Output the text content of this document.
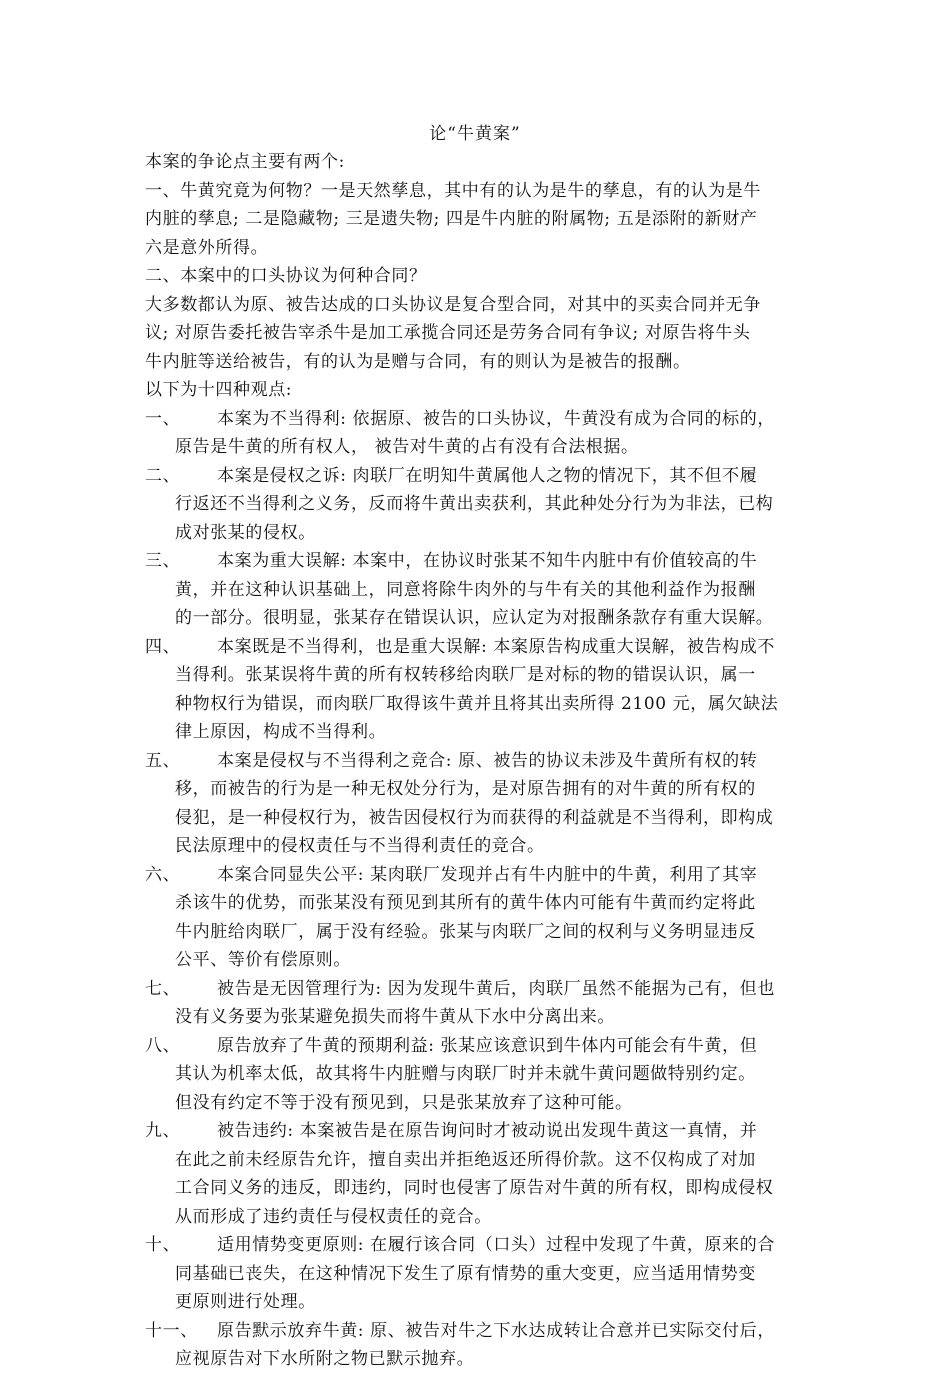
论“牛黄案”

本案的争论点主要有两个:

一、牛黄究竟为何物？一是天然孳息，其中有的认为是牛的孳息，有的认为是牛

内脏的孳息; 二是隐藏物; 三是遗失物; 四是牛内脏的附属物; 五是添附的新财产

六是意外所得。

二、本案中的口头协议为何种合同？

大多数都认为原、被告达成的口头协议是复合型合同，对其中的买卖合同并无争

议; 对原告委托被告宰杀牛是加工承揽合同还是劳务合同有争议; 对原告将牛头

牛内脏等送给被告，有的认为是赠与合同，有的则认为是被告的报酬。

以下为十四种观点:

一、	本案为不当得利: 依据原、被告的口头协议，牛黄没有成为合同的标的，
原告是牛黄的所有权人， 被告对牛黄的占有没有合法根据。
二、	本案是侵权之诉: 肉联厂在明知牛黄属他人之物的情况下，其不但不履
行返还不当得利之义务，反而将牛黄出卖获利，其此种处分行为为非法，已构
成对张某的侵权。
三、	本案为重大误解: 本案中，在协议时张某不知牛内脏中有价值较高的牛
黄，并在这种认识基础上，同意将除牛肉外的与牛有关的其他利益作为报酬
的一部分。很明显，张某存在错误认识，应认定为对报酬条款存有重大误解。
四、	本案既是不当得利，也是重大误解: 本案原告构成重大误解，被告构成不
当得利。张某误将牛黄的所有权转移给肉联厂是对标的物的错误认识，属一
种物权行为错误，而肉联厂取得该牛黄并且将其出卖所得 2100 元，属欠缺法
律上原因，构成不当得利。
五、	本案是侵权与不当得利之竞合: 原、被告的协议未涉及牛黄所有权的转
移，而被告的行为是一种无权处分行为，是对原告拥有的对牛黄的所有权的
侵犯，是一种侵权行为，被告因侵权行为而获得的利益就是不当得利，即构成
民法原理中的侵权责任与不当得利责任的竞合。
六、	本案合同显失公平: 某肉联厂发现并占有牛内脏中的牛黄，利用了其宰
杀该牛的优势，而张某没有预见到其所有的黄牛体内可能有牛黄而约定将此
牛内脏给肉联厂，属于没有经验。张某与肉联厂之间的权利与义务明显违反
公平、等价有偿原则。
七、	被告是无因管理行为: 因为发现牛黄后，肉联厂虽然不能据为己有，但也
没有义务要为张某避免损失而将牛黄从下水中分离出来。
八、	原告放弃了牛黄的预期利益: 张某应该意识到牛体内可能会有牛黄，但
其认为机率太低，故其将牛内脏赠与肉联厂时并未就牛黄问题做特别约定。
但没有约定不等于没有预见到，只是张某放弃了这种可能。
九、	被告违约: 本案被告是在原告询问时才被动说出发现牛黄这一真情，并
在此之前未经原告允许，擅自卖出并拒绝返还所得价款。这不仅构成了对加
工合同义务的违反，即违约，同时也侵害了原告对牛黄的所有权，即构成侵权
从而形成了违约责任与侵权责任的竞合。
十、	适用情势变更原则: 在履行该合同（口头）过程中发现了牛黄，原来的合
同基础已丧失，在这种情况下发生了原有情势的重大变更，应当适用情势变
更原则进行处理。
十一、	原告默示放弃牛黄: 原、被告对牛之下水达成转让合意并已实际交付后，
应视原告对下水所附之物已默示抛弃。
